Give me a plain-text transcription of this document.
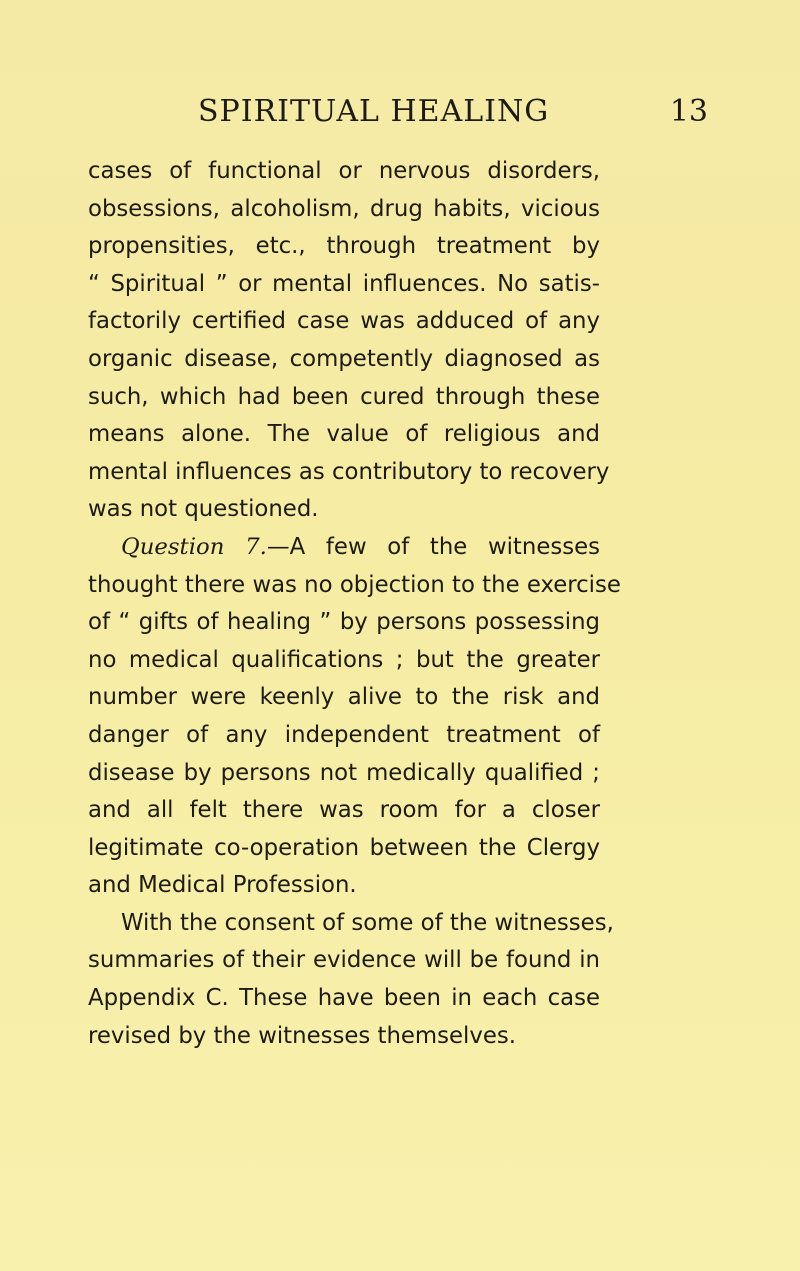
SPIRITUAL HEALING	13
cases of functional or nervous disorders,
obsessions, alcoholism, drug habits, vicious
propensities, etc., through treatment by
“ Spiritual ” or mental influences. No satis-
factorily certified case was adduced of any
organic disease, competently diagnosed as
such, which had been cured through these
means alone. The value of religious and
mental influences as contributory to recovery
was not questioned.
Question 7.—A few of the witnesses
thought there was no objection to the exercise
of “ gifts of healing ” by persons possessing
no medical qualifications ; but the greater
number were keenly alive to the risk and
danger of any independent treatment of
disease by persons not medically qualified ;
and all felt there was room for a closer
legitimate co-operation between the Clergy
and Medical Profession.
With the consent of some of the witnesses,
summaries of their evidence will be found in
Appendix C. These have been in each case
revised by the witnesses themselves.
